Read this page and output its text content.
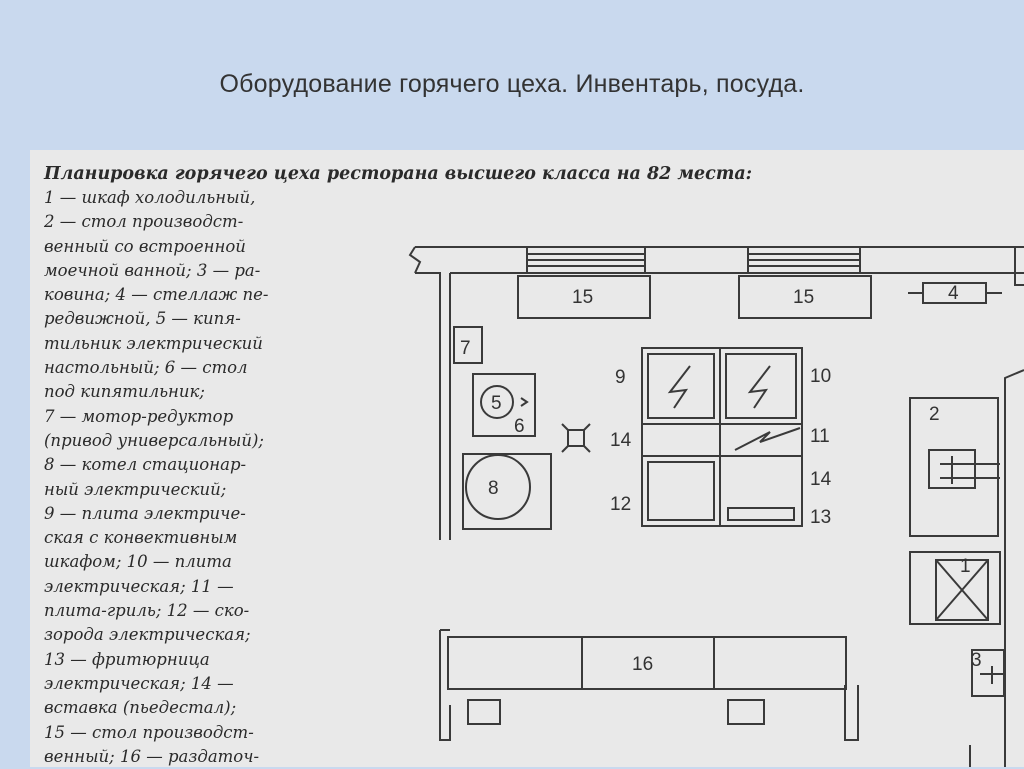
Оборудование горячего цеха. Инвентарь, посуда.
Планировка горячего цеха ресторана высшего класса на 82 места:
1 — шкаф холодильный,
2 — стол производст-
венный со встроенной
моечной ванной; 3 — ра-
ковина; 4 — стеллаж пе-
редвижной, 5 — кипя-
тильник электрический
настольный; 6 — стол
под кипятильник;
7 — мотор-редуктор
(привод универсальный);
8 — котел стационар-
ный электрический;
9 — плита электриче-
ская с конвективным
шкафом; 10 — плита
электрическая; 11 —
плита-гриль; 12 — ско-
зорода электрическая;
13 — фритюрница
электрическая; 14 —
вставка (пьедестал);
15 — стол производст-
венный; 16 — раздаточ-
15	15	4
7
5
6
8
14
9	10
11
14
12
13
2
1
16	3
